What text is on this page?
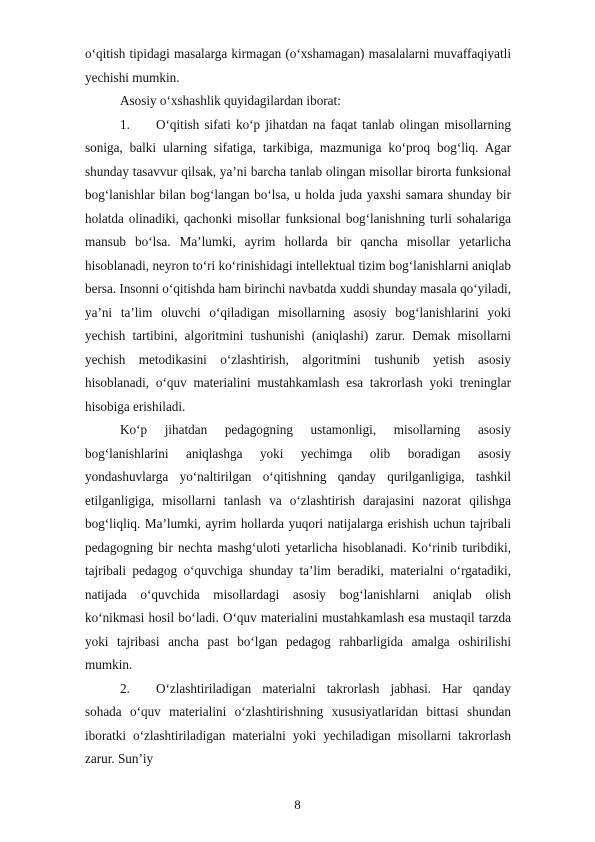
o‘qitish tipidagi masalarga kirmagan (o‘xshamagan) masalalarni muvaffaqiyatli yechishi mumkin.

Asosiy o‘xshashlik quyidagilardan iborat:

1. O‘qitish sifati ko‘p jihatdan na faqat tanlab olingan misollarning soniga, balki ularning sifatiga, tarkibiga, mazmuniga ko‘proq bog‘liq. Agar shunday tasavvur qilsak, ya’ni barcha tanlab olingan misollar birorta funksional bog‘lanishlar bilan bog‘langan bo‘lsa, u holda juda yaxshi samara shunday bir holatda olinadiki, qachonki misollar funksional bog‘lanishning turli sohalariga mansub bo‘lsa. Ma’lumki, ayrim hollarda bir qancha misollar yetarlicha hisoblanadi, neyron to‘ri ko‘rinishidagi intellektual tizim bog‘lanishlarni aniqlab bersa. Insonni o‘qitishda ham birinchi navbatda xuddi shunday masala qo‘yiladi, ya’ni ta’lim oluvchi o‘qiladigan misollarning asosiy bog‘lanishlarini yoki yechish tartibini, algoritmini tushunishi (aniqlashi) zarur. Demak misollarni yechish metodikasini o‘zlashtirish, algoritmini tushunib yetish asosiy hisoblanadi, o‘quv materialini mustahkamlash esa takrorlash yoki treninglar hisobiga erishiladi.

Ko‘p jihatdan pedagogning ustamonligi, misollarning asosiy bog‘lanishlarini aniqlashga yoki yechimga olib boradigan asosiy yondashuvlarga yo‘naltirilgan o‘qitishning qanday qurilganligiga, tashkil etilganligiga, misollarni tanlash va o‘zlashtirish darajasini nazorat qilishga bog‘liqliq. Ma’lumki, ayrim hollarda yuqori natijalarga erishish uchun tajribali pedagogning bir nechta mashg‘uloti yetarlicha hisoblanadi. Ko‘rinib turibdiki, tajribali pedagog o‘quvchiga shunday ta’lim beradiki, materialni o‘rgatadiki, natijada o‘quvchida misollardagi asosiy bog‘lanishlarni aniqlab olish ko‘nikmasi hosil bo‘ladi. O‘quv materialini mustahkamlash esa mustaqil tarzda yoki tajribasi ancha past bo‘lgan pedagog rahbarligida amalga oshirilishi mumkin.

2. O‘zlashtiriladigan materialni takrorlash jabhasi. Har qanday sohada o‘quv materialini o‘zlashtirishning xususiyatlaridan bittasi shundan iboratki o‘zlashtiriladigan materialni yoki yechiladigan misollarni takrorlash zarur. Sun’iy

8
